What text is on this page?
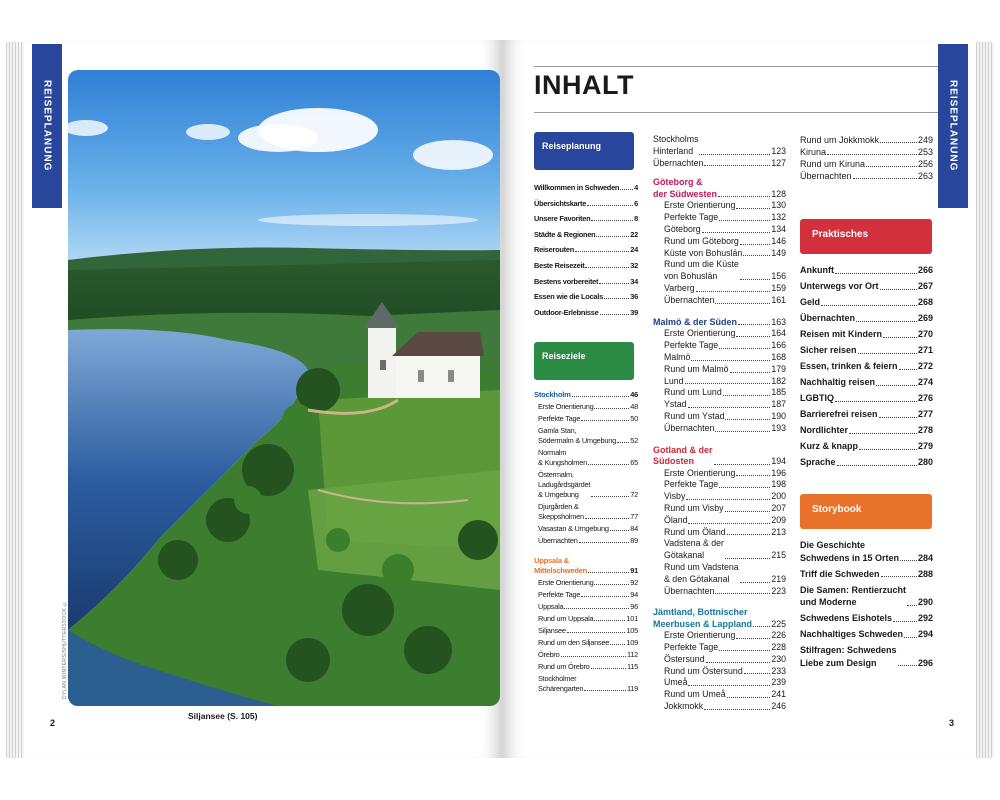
REISEPLANUNG
DYLAN WINTERS/SHUTTERSTOCK ©
Siljansee (S. 105)
2
REISEPLANUNG
INHALT
Reiseplanung
Willkommen in Schweden 4
Übersichtskarte	6
Unsere Favoriten	8
Städte & Regionen	22
Reiserouten	24
Beste Reisezeit	32
Bestens vorbereitet	34
Essen wie die Locals	36
Outdoor-Erlebnisse	39
Reiseziele
Stockholm	46
Erste Orientierung	48
Perfekte Tage	50
Gamla Stan,
Södermalm & Umgebung 52
Normalm
& Kungsholmen	65
Östermalm,
Ladugårdsgärdet
& Umgebung	72
Djurgården &
Skeppsholmen	77
Vasastan & Umgebung	84
Übernachten	89
Uppsala &
Mittelschweden	91
Erste Orientierung	92
Perfekte Tage	94
Uppsala	96
Rund um Uppsala	101
Siljansee	105
Rund um den Siljansee 109
Örebro	112
Rund um Örebro	115
Stockholmer
Schärengarten	119
Stockholms
Hinterland	123
Übernachten	127
Göteborg &
der Südwesten	128
Erste Orientierung	130
Perfekte Tage	132
Göteborg	134
Rund um Göteborg	146
Küste von Bohuslän	149
Rund um die Küste
von Bohuslän	156
Varberg	159
Übernachten	161
Malmö & der Süden	163
Erste Orientierung	164
Perfekte Tage	166
Malmö	168
Rund um Malmö	179
Lund	182
Rund um Lund	185
Ystad	187
Rund um Ystad	190
Übernachten	193
Gotland & der
Südosten	194
Erste Orientierung	196
Perfekte Tage	198
Visby	200
Rund um Visby	207
Öland	209
Rund um Öland	213
Vadstena & der
Götakanal	215
Rund um Vadstena
& den Götakanal	219
Übernachten	223
Jämtland, Bottnischer
Meerbusen & Lappland 225
Erste Orientierung	226
Perfekte Tage	228
Östersund	230
Rund um Östersund	233
Umeå	239
Rund um Umeå	241
Jokkmokk	246
Rund um Jokkmokk	249
Kiruna	253
Rund um Kiruna	256
Übernachten	263
Praktisches
Ankunft	266
Unterwegs vor Ort	267
Geld	268
Übernachten	269
Reisen mit Kindern	270
Sicher reisen	271
Essen, trinken & feiern 272
Nachhaltig reisen	274
LGBTIQ	276
Barrierefrei reisen	277
Nordlichter	278
Kurz & knapp	279
Sprache	280
Storybook
Die Geschichte
Schwedens in 15 Orten 284
Triff die Schweden	288
Die Samen: Rentierzucht
und Moderne	290
Schwedens Eishotels	292
Nachhaltiges Schweden 294
Stilfragen: Schwedens
Liebe zum Design	296
3
